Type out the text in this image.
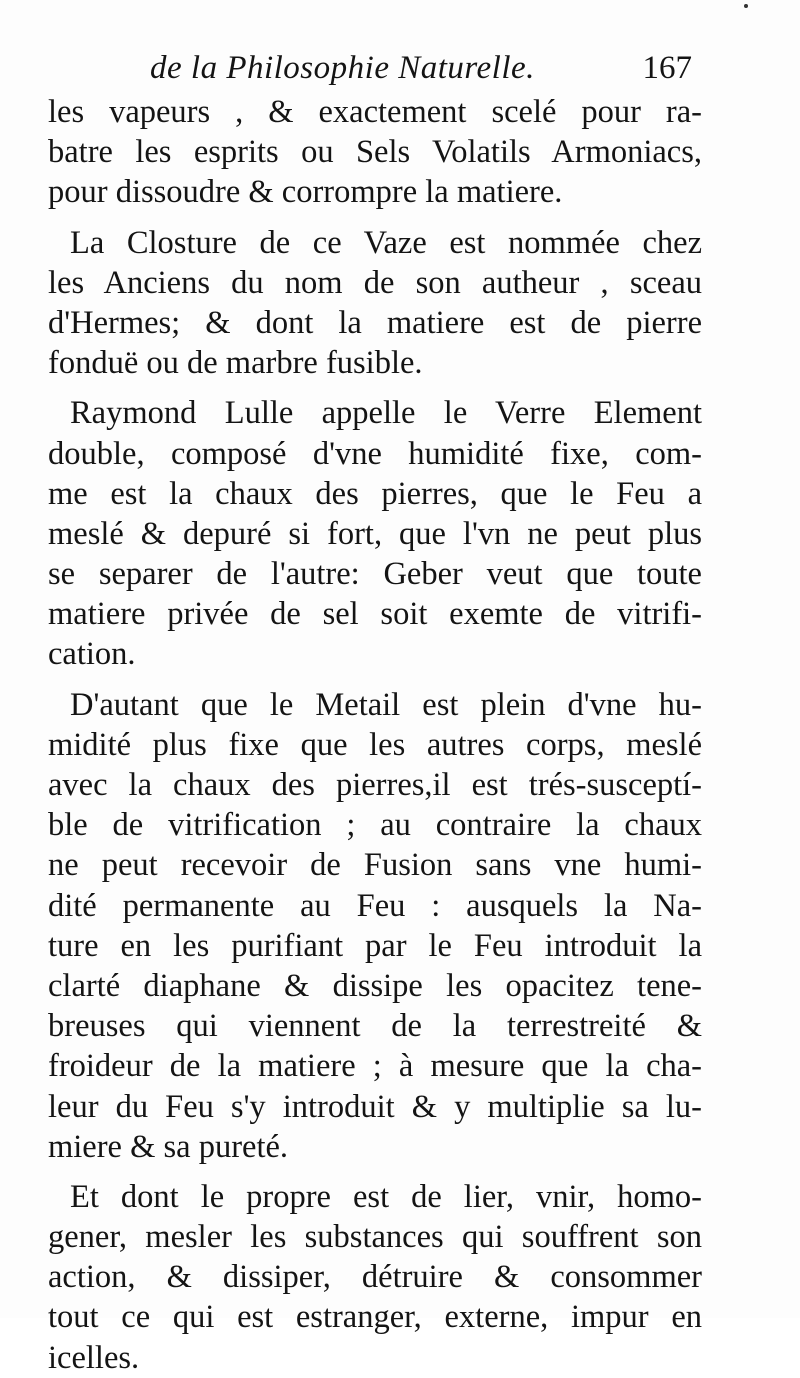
de la Philosophie Naturelle.	167
les vapeurs , & exactement scelé pour ra-
batre les esprits ou Sels Volatils Armoniacs,
pour dissoudre & corrompre la matiere.
La Closture de ce Vaze est nommée chez
les Anciens du nom de son autheur , sceau
d'Hermes; & dont la matiere est de pierre
fonduë ou de marbre fusible.
Raymond Lulle appelle le Verre Element
double, composé d'vne humidité fixe, com-
me est la chaux des pierres, que le Feu a
meslé & depuré si fort, que l'vn ne peut plus
se separer de l'autre: Geber veut que toute
matiere privée de sel soit exemte de vitrifi-
cation.
D'autant que le Metail est plein d'vne hu-
midité plus fixe que les autres corps, meslé
avec la chaux des pierres,il est trés-susceptí-
ble de vitrification ; au contraire la chaux
ne peut recevoir de Fusion sans vne humi-
dité permanente au Feu : ausquels la Na-
ture en les purifiant par le Feu introduit la
clarté diaphane & dissipe les opacitez tene-
breuses qui viennent de la terrestreité &
froideur de la matiere ; à mesure que la cha-
leur du Feu s'y introduit & y multiplie sa lu-
miere & sa pureté.
Et dont le propre est de lier, vnir, homo-
gener, mesler les substances qui souffrent son
action, & dissiper, détruire & consommer
tout ce qui est estranger, externe, impur en
icelles.
